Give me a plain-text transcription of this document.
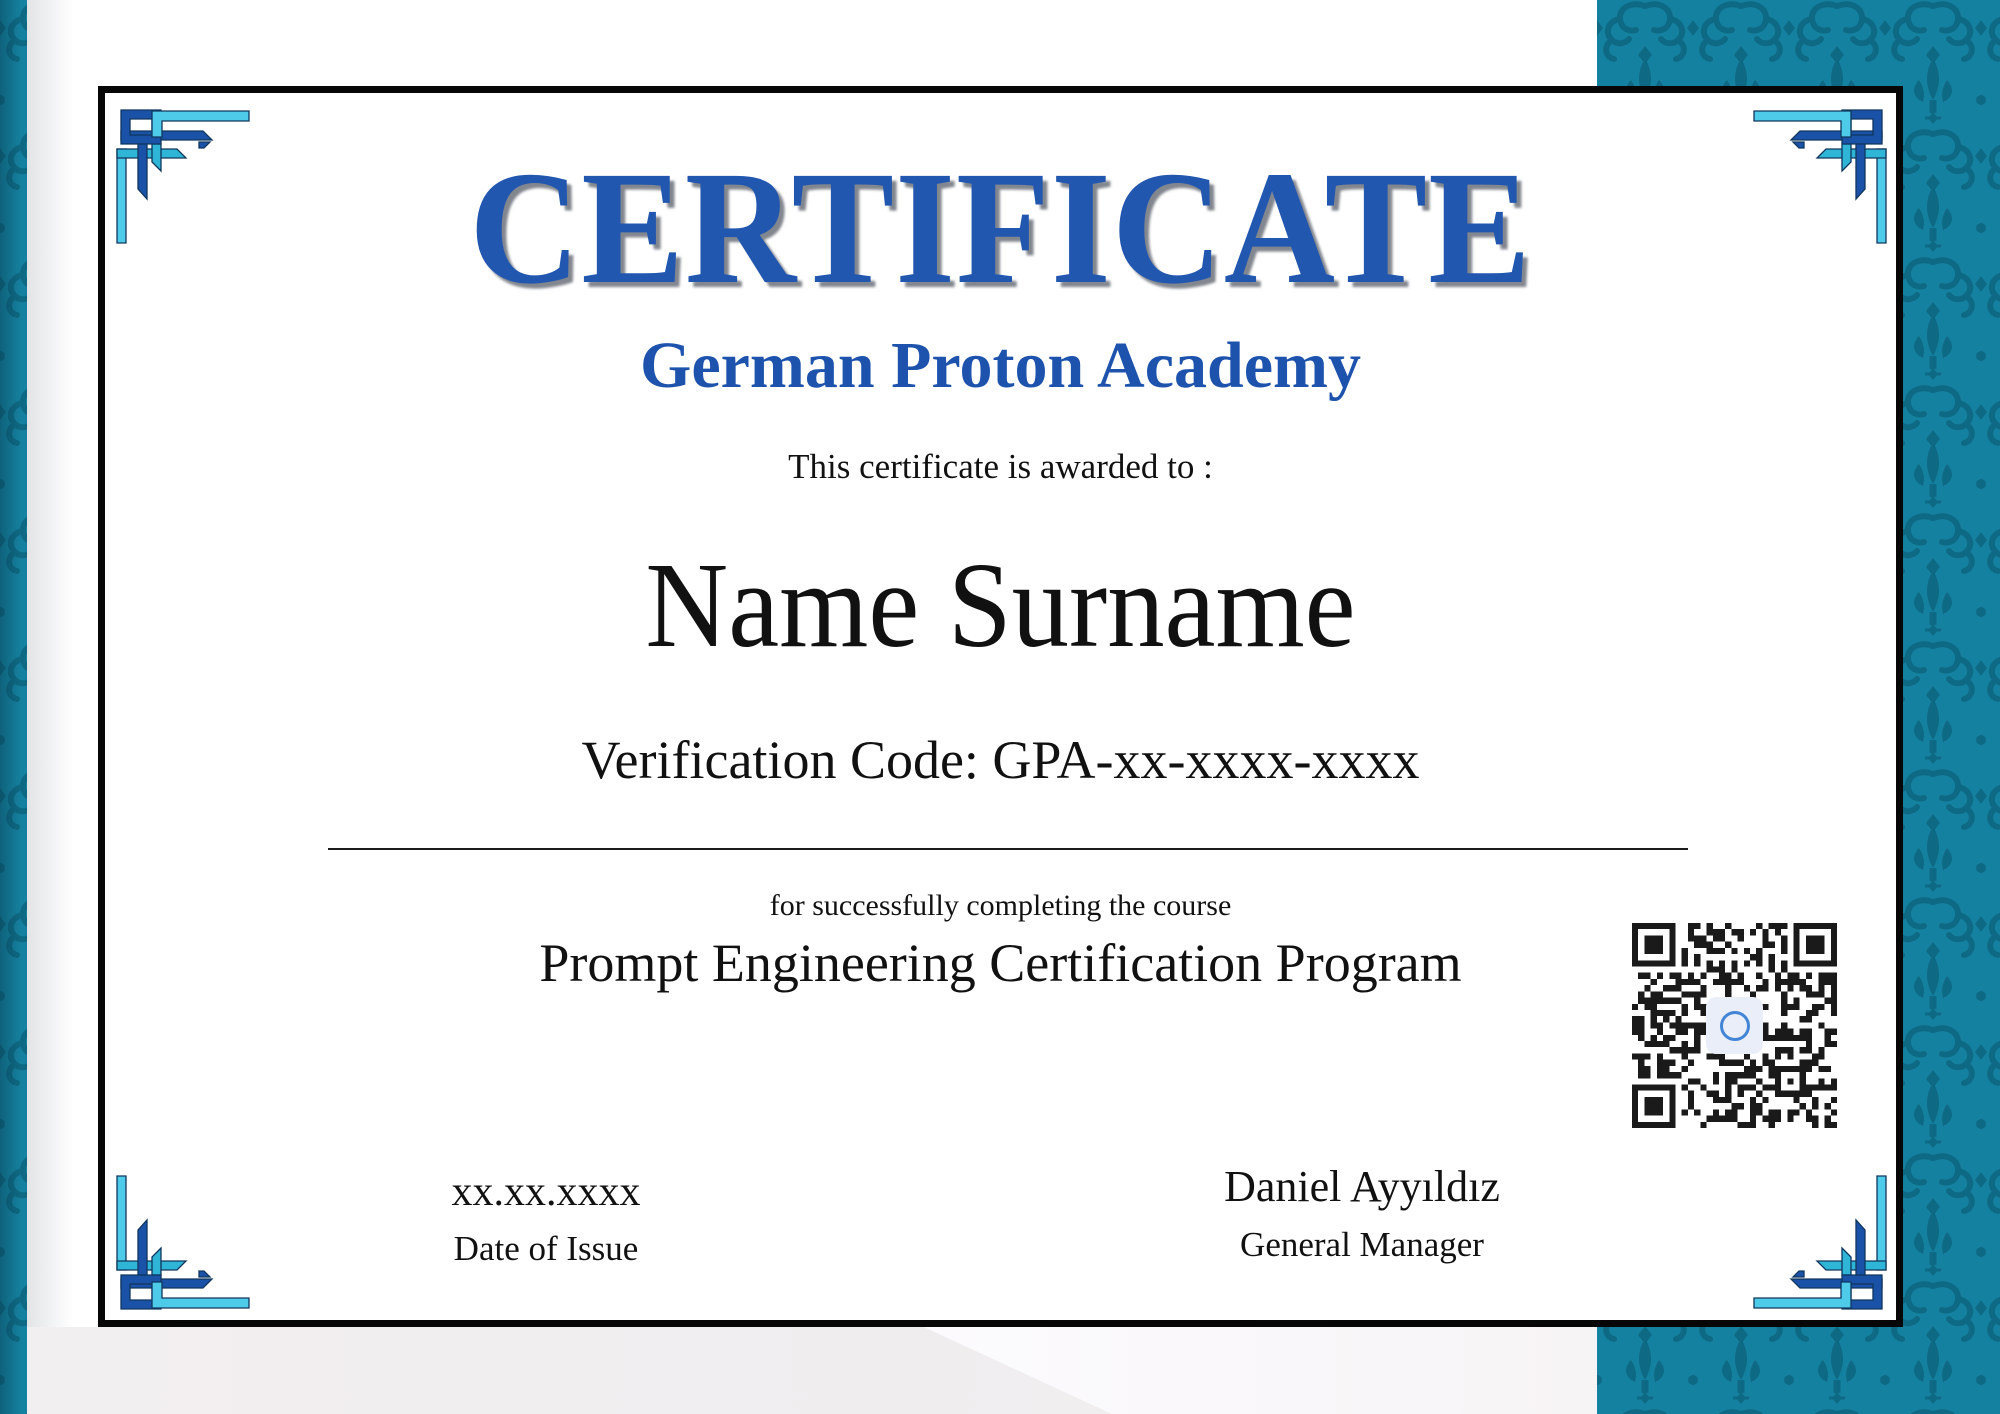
CERTIFICATE
German Proton Academy
This certificate is awarded to :
Name Surname
Verification Code: GPA-xx-xxxx-xxxx
for successfully completing the course
Prompt Engineering Certification Program
xx.xx.xxxx
Date of Issue
Daniel Ayyıldız
General Manager
